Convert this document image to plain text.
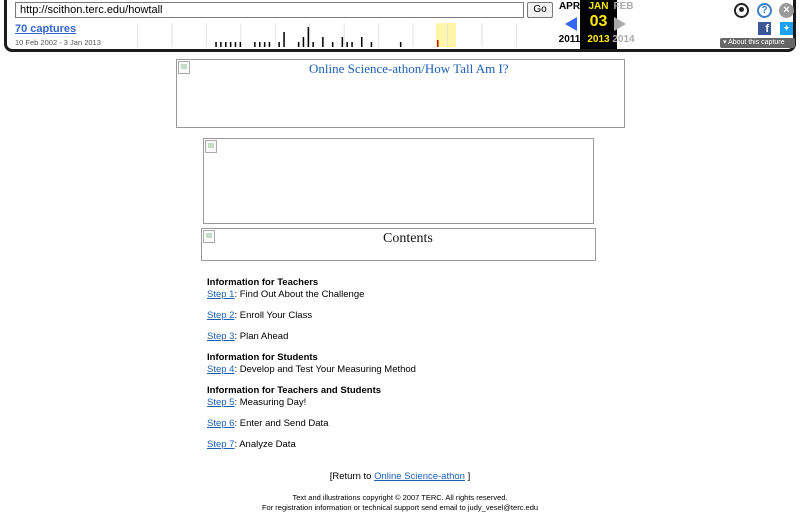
http://scithon.terc.edu/howtall
Go
70 captures
10 Feb 2002 - 3 Jan 2013
APR
2011
JAN
03
2013
FEB
2014
?	×
f	✦
▾ About this capture
Online Science-athon/How Tall Am I?
Contents
Information for Teachers
Step 1: Find Out About the Challenge
Step 2: Enroll Your Class
Step 3: Plan Ahead
Information for Students
Step 4: Develop and Test Your Measuring Method
Information for Teachers and Students
Step 5: Measuring Day!
Step 6: Enter and Send Data
Step 7: Analyze Data
[Return to Online Science-athon ]
Text and illustrations copyright © 2007 TERC. All rights reserved.
For registration information or technical support send email to judy_vesel@terc.edu
